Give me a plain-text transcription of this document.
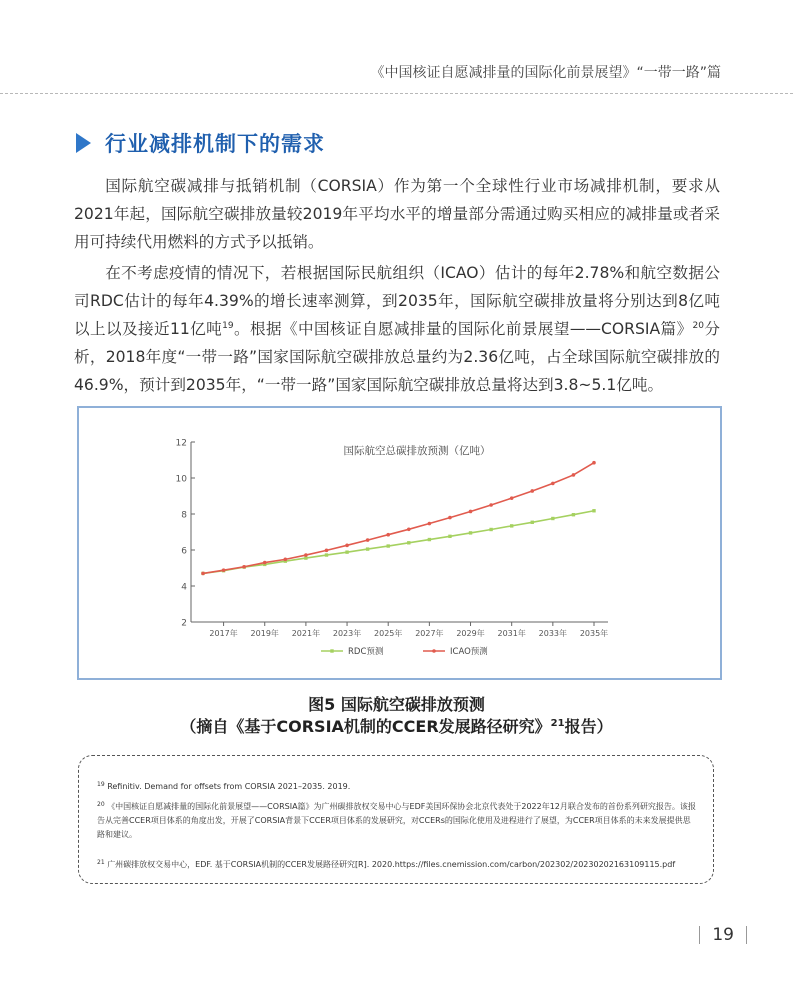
《中国核证自愿减排量的国际化前景展望》“一带一路”篇
行业减排机制下的需求

国际航空碳减排与抵销机制（CORSIA）作为第一个全球性行业市场减排机制，要求从2021年起，国际航空碳排放量较2019年平均水平的增量部分需通过购买相应的减排量或者采用可持续代用燃料的方式予以抵销。

在不考虑疫情的情况下，若根据国际民航组织（ICAO）估计的每年2.78%和航空数据公司RDC估计的每年4.39%的增长速率测算，到2035年，国际航空碳排放量将分别达到8亿吨以上以及接近11亿吨$^{19}$。根据《中国核证自愿减排量的国际化前景展望——CORSIA篇》$^{20}$分析，2018年度“一带一路”国家国际航空碳排放总量约为2.36亿吨，占全球国际航空碳排放的46.9%，预计到2035年，“一带一路”国家国际航空碳排放总量将达到3.8~5.1亿吨。

国际航空总碳排放预测（亿吨）
2
4
6
8
10
12
2017年 2019年 2021年 2023年 2025年 2027年 2029年 2031年 2033年 2035年
RDC预测	ICAO预测
图5 国际航空碳排放预测
（摘自《基于CORSIA机制的CCER发展路径研究》$^{21}$报告）
$^{19}$ Refinitiv. Demand for offsets from CORSIA 2021–2035. 2019.
$^{20}$ 《中国核证自愿减排量的国际化前景展望——CORSIA篇》为广州碳排放权交易中心与EDF美国环保协会北京代表处于2022年12月联合发布的首份系列研究报告。该报告从完善CCER项目体系的角度出发，开展了CORSIA背景下CCER项目体系的发展研究，对CCERs的国际化使用及进程进行了展望，为CCER项目体系的未来发展提供思路和建议。
$^{21}$ 广州碳排放权交易中心，EDF. 基于CORSIA机制的CCER发展路径研究[R]. 2020.https://files.cnemission.com/carbon/202302/20230202163109115.pdf
19
